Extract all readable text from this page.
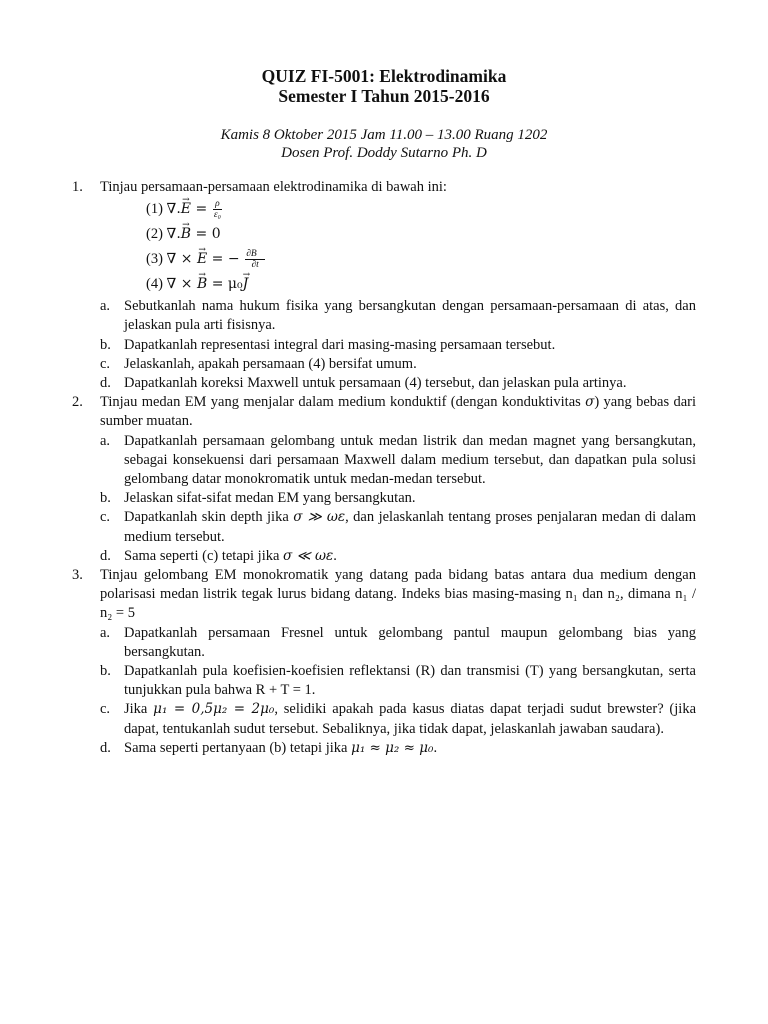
QUIZ FI-5001: Elektrodinamika
Semester I Tahun 2015-2016
Kamis 8 Oktober 2015 Jam 11.00 – 13.00 Ruang 1202
Dosen Prof. Doddy Sutarno Ph. D
1. Tinjau persamaan-persamaan elektrodinamika di bawah ini:
(1) ∇.→ $E = \frac{\rho}{\text{ε₀}}$
(2) ∇.→ B = 0
(3) ∇ × → E = − $\frac{\partial B⃗}{\partial t}$
(4) ∇ × → B = μ₀→ J
a. Sebutkanlah nama hukum fisika yang bersangkutan dengan persamaan-persamaan di atas, dan jelaskan pula arti fisisnya.
b. Dapatkanlah representasi integral dari masing-masing persamaan tersebut.
c. Jelaskanlah, apakah persamaan (4) bersifat umum.
d. Dapatkanlah koreksi Maxwell untuk persamaan (4) tersebut, dan jelaskan pula artinya.
2. Tinjau medan EM yang menjalar dalam medium konduktif (dengan konduktivitas σ) yang bebas dari sumber muatan.
a. Dapatkanlah persamaan gelombang untuk medan listrik dan medan magnet yang bersangkutan, sebagai konsekuensi dari persamaan Maxwell dalam medium tersebut, dan dapatkan pula solusi gelombang datar monokromatik untuk medan-medan tersebut.
b. Jelaskan sifat-sifat medan EM yang bersangkutan.
c. Dapatkanlah skin depth jika σ ≫ ωε, dan jelaskanlah tentang proses penjalaran medan di dalam medium tersebut.
d. Sama seperti (c) tetapi jika σ ≪ ωε.
3. Tinjau gelombang EM monokromatik yang datang pada bidang batas antara dua medium dengan polarisasi medan listrik tegak lurus bidang datang. Indeks bias masing-masing n₁ dan n₂, dimana n₁ / n₂ = 5
a. Dapatkanlah persamaan Fresnel untuk gelombang pantul maupun gelombang bias yang bersangkutan.
b. Dapatkanlah pula koefisien-koefisien reflektansi (R) dan transmisi (T) yang bersangkutan, serta tunjukkan pula bahwa R + T = 1.
c. Jika μ₁ = 0,5μ₂ = 2μ₀, selidiki apakah pada kasus diatas dapat terjadi sudut brewster? (jika dapat, tentukanlah sudut tersebut. Sebaliknya, jika tidak dapat, jelaskanlah jawaban saudara).
d. Sama seperti pertanyaan (b) tetapi jika μ₁ ≈ μ₂ ≈ μ₀.
